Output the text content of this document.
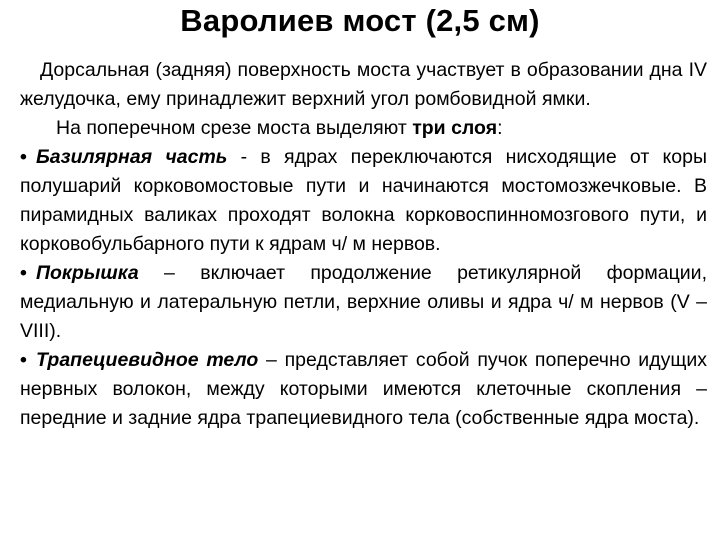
Варолиев мост (2,5 см)

Дорсальная (задняя) поверхность моста участвует в образовании дна IV желудочка, ему принадлежит верхний угол ромбовидной ямки.

На поперечном срезе моста выделяют три слоя:

• Базилярная часть - в ядрах переключаются нисходящие от коры полушарий корковомостовые пути и начинаются мостомозжечковые. В пирамидных валиках проходят волокна корковоспинномозгового пути, и корковобульбарного пути к ядрам ч/ м нервов.

• Покрышка – включает продолжение ретикулярной формации, медиальную и латеральную петли, верхние оливы и ядра ч/ м нервов (V – VIII).

• Трапециевидное тело – представляет собой пучок поперечно идущих нервных волокон, между которыми имеются клеточные скопления – передние и задние ядра трапециевидного тела (собственные ядра моста).
